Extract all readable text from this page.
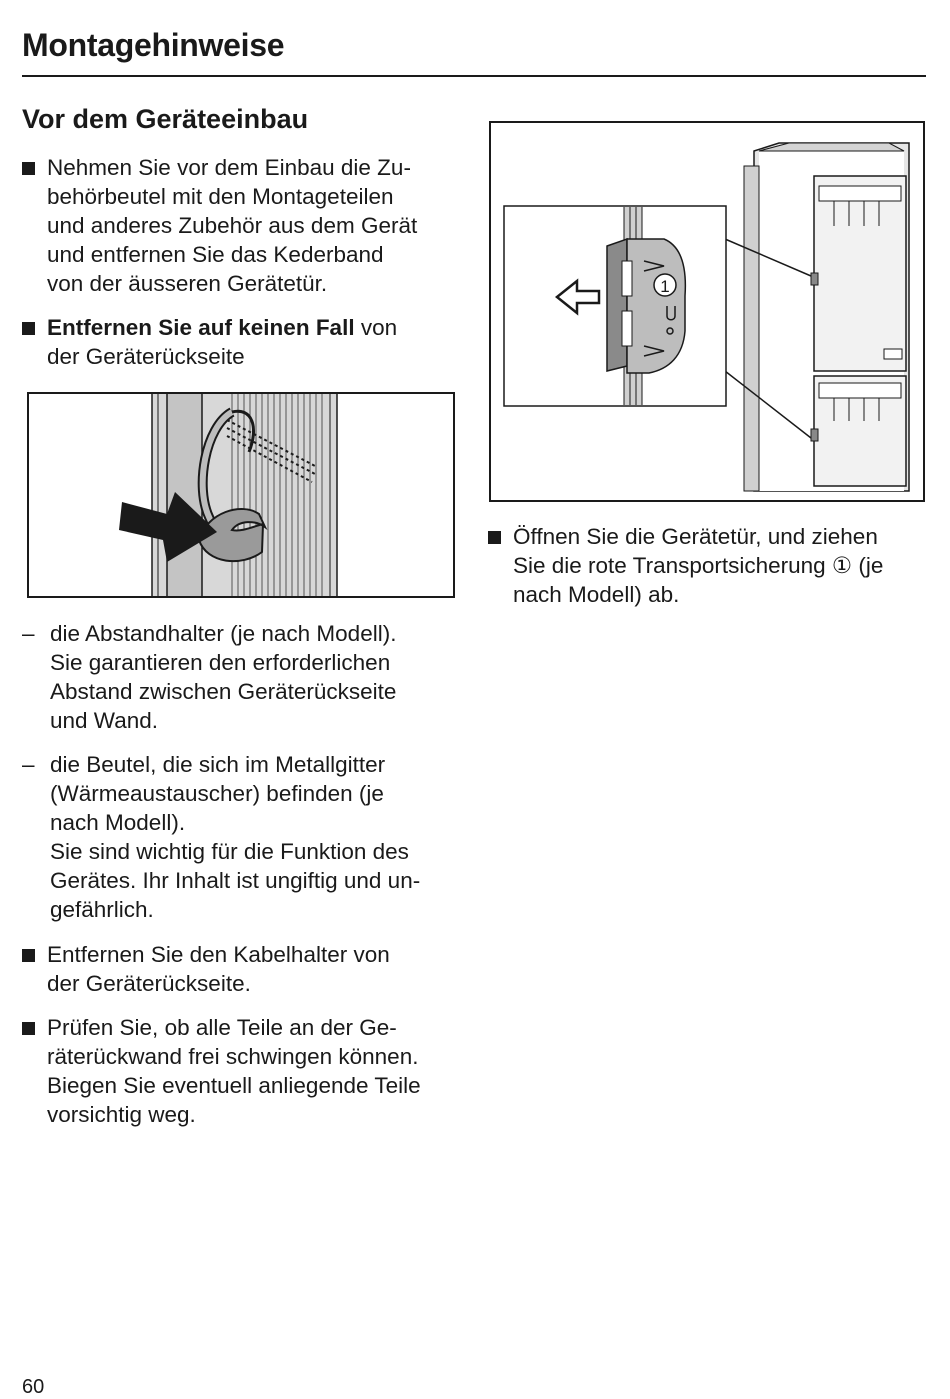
Montagehinweise
Vor dem Geräteeinbau
Nehmen Sie vor dem Einbau die Zu-
behörbeutel mit den Montageteilen
und anderes Zubehör aus dem Gerät
und entfernen Sie das Kederband
von der äusseren Gerätetür.
Entfernen Sie auf keinen Fall von
der Geräterückseite
– die Abstandhalter (je nach Modell).
Sie garantieren den erforderlichen
Abstand zwischen Geräterückseite
und Wand.
– die Beutel, die sich im Metallgitter
(Wärmeaustauscher) befinden (je
nach Modell).
Sie sind wichtig für die Funktion des
Gerätes. Ihr Inhalt ist ungiftig und un-
gefährlich.
Entfernen Sie den Kabelhalter von
der Geräterückseite.
Prüfen Sie, ob alle Teile an der Ge-
räterückwand frei schwingen können.
Biegen Sie eventuell anliegende Teile
vorsichtig weg.
1
Öffnen Sie die Gerätetür, und ziehen
Sie die rote Transportsicherung ① (je
nach Modell) ab.
60
